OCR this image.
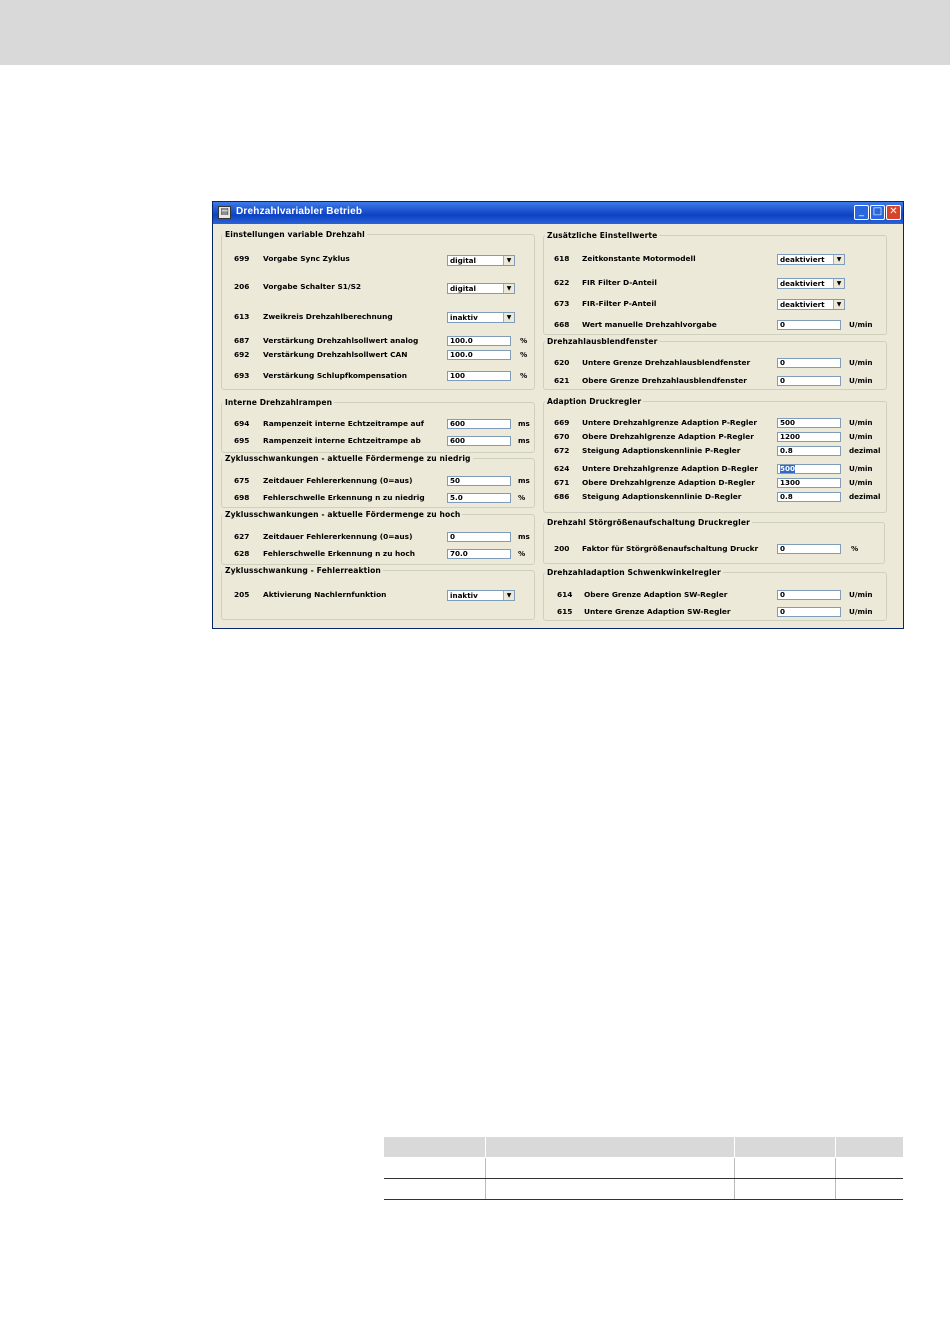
▤ Drehzahlvariabler Betrieb	_ □ ✕
Einstellungen variable Drehzahl
699 Vorgabe Sync Zyklus	digital	▼
206 Vorgabe Schalter S1/S2	digital	▼
613 Zweikreis Drehzahlberechnung	inaktiv	▼
687 Verstärkung Drehzahlsollwert analog	100.0	%
692 Verstärkung Drehzahlsollwert CAN	100.0	%
693 Verstärkung Schlupfkompensation	100	%
Interne Drehzahlrampen
694 Rampenzeit interne Echtzeitrampe auf	600	ms
695 Rampenzeit interne Echtzeitrampe ab	600	ms
Zyklusschwankungen - aktuelle Fördermenge zu niedrig
675 Zeitdauer Fehlererkennung (0=aus)	50	ms
698 Fehlerschwelle Erkennung n zu niedrig	5.0	%
Zyklusschwankungen - aktuelle Fördermenge zu hoch
627 Zeitdauer Fehlererkennung (0=aus)	0	ms
628 Fehlerschwelle Erkennung n zu hoch	70.0	%
Zyklusschwankung - Fehlerreaktion
205 Aktivierung Nachlernfunktion	inaktiv	▼
Zusätzliche Einstellwerte
618 Zeitkonstante Motormodell	deaktiviert	▼
622 FIR Filter D-Anteil	deaktiviert	▼
673 FIR-Filter P-Anteil	deaktiviert	▼
668 Wert manuelle Drehzahlvorgabe	0	U/min
Drehzahlausblendfenster
620 Untere Grenze Drehzahlausblendfenster	0	U/min
621 Obere Grenze Drehzahlausblendfenster	0	U/min
Adaption Druckregler
669 Untere Drehzahlgrenze Adaption P-Regler	500	U/min
670 Obere Drehzahlgrenze Adaption P-Regler	1200	U/min
672 Steigung Adaptionskennlinie P-Regler	0.8	dezimal
624 Untere Drehzahlgrenze Adaption D-Regler	500	U/min
671 Obere Drehzahlgrenze Adaption D-Regler	1300	U/min
686 Steigung Adaptionskennlinie D-Regler	0.8	dezimal
Drehzahl Störgrößenaufschaltung Druckregler
200 Faktor für Störgrößenaufschaltung Druckr	0	%
Drehzahladaption Schwenkwinkelregler
614 Obere Grenze Adaption SW-Regler	0	U/min
615 Untere Grenze Adaption SW-Regler	0	U/min
